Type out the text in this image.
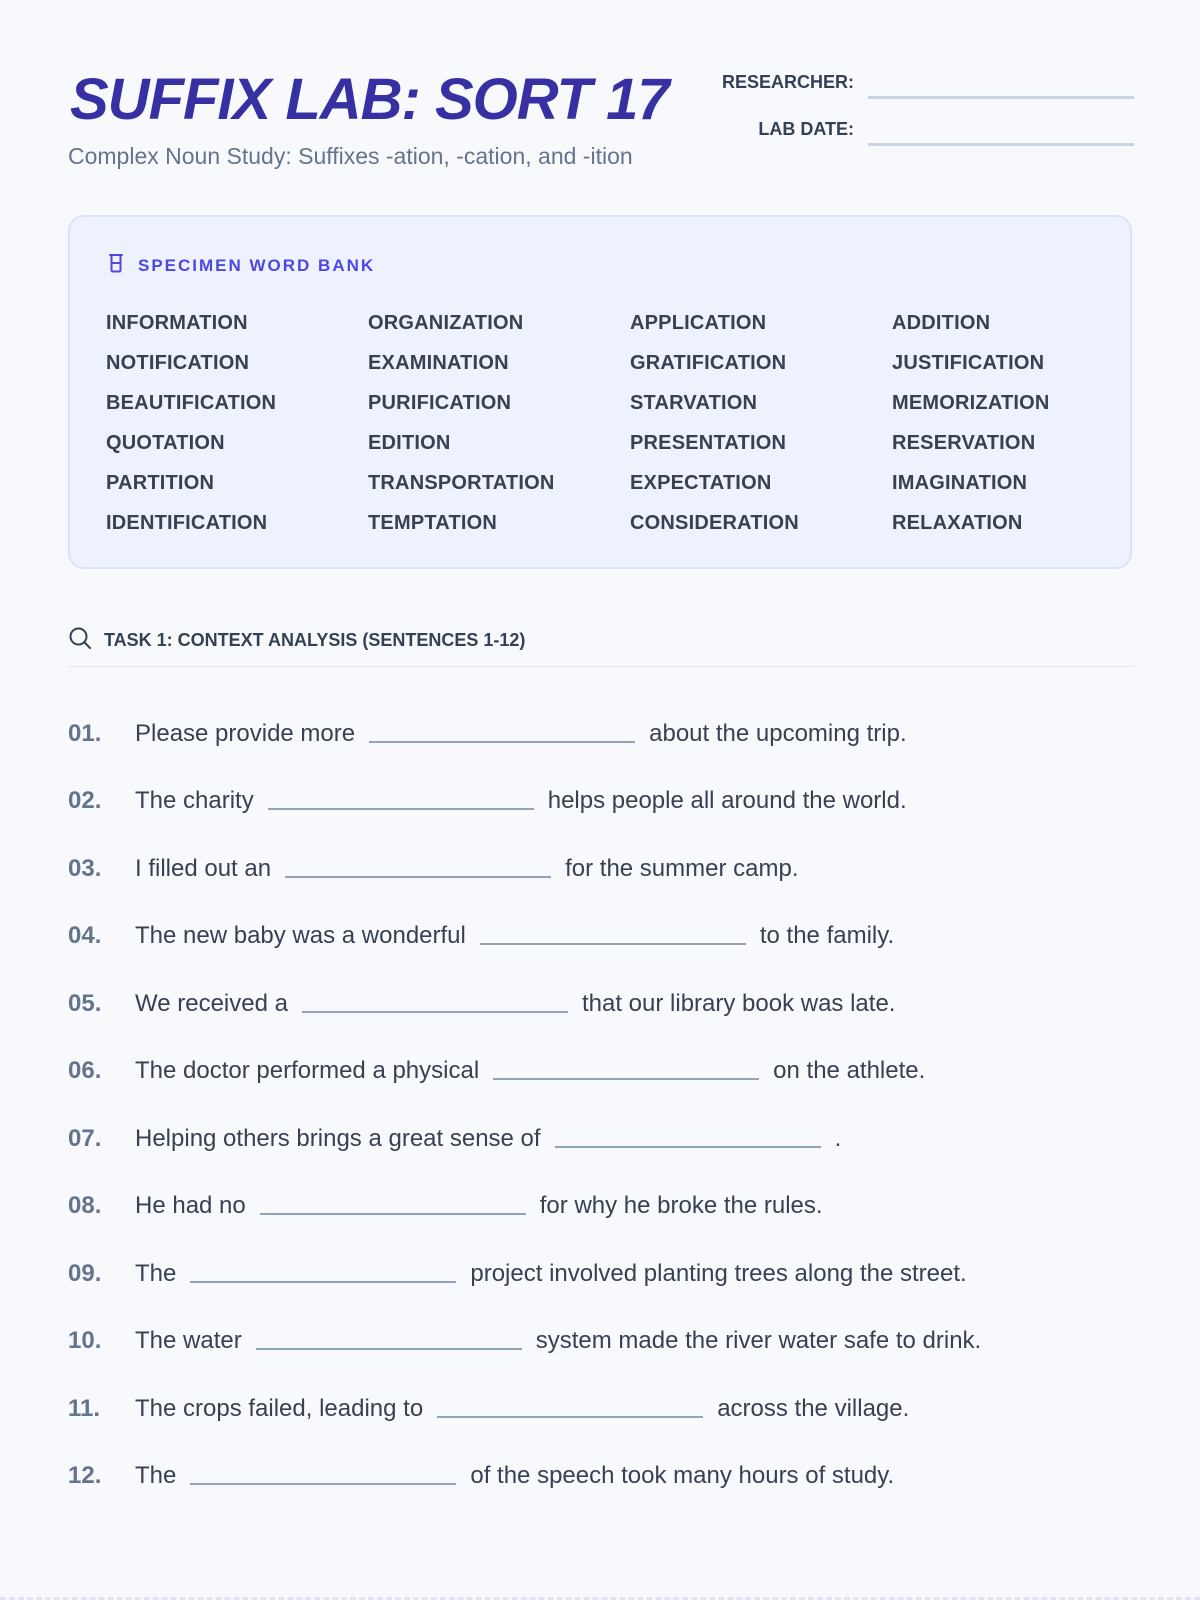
SUFFIX LAB: SORT 17
Complex Noun Study: Suffixes -ation, -cation, and -ition
RESEARCHER:
LAB DATE:
SPECIMEN WORD BANK
INFORMATION	ORGANIZATION	APPLICATION	ADDITION
NOTIFICATION	EXAMINATION	GRATIFICATION	JUSTIFICATION
BEAUTIFICATION	PURIFICATION	STARVATION	MEMORIZATION
QUOTATION	EDITION	PRESENTATION	RESERVATION
PARTITION	TRANSPORTATION	EXPECTATION	IMAGINATION
IDENTIFICATION	TEMPTATION	CONSIDERATION	RELAXATION
TASK 1: CONTEXT ANALYSIS (SENTENCES 1-12)
01.	Please provide more	about the upcoming trip.
02.	The charity	helps people all around the world.
03.	I filled out an	for the summer camp.
04.	The new baby was a wonderful	to the family.
05.	We received a	that our library book was late.
06.	The doctor performed a physical	on the athlete.
07.	Helping others brings a great sense of	.
08.	He had no	for why he broke the rules.
09.	The	project involved planting trees along the street.
10.	The water	system made the river water safe to drink.
11.	The crops failed, leading to	across the village.
12.	The	of the speech took many hours of study.
